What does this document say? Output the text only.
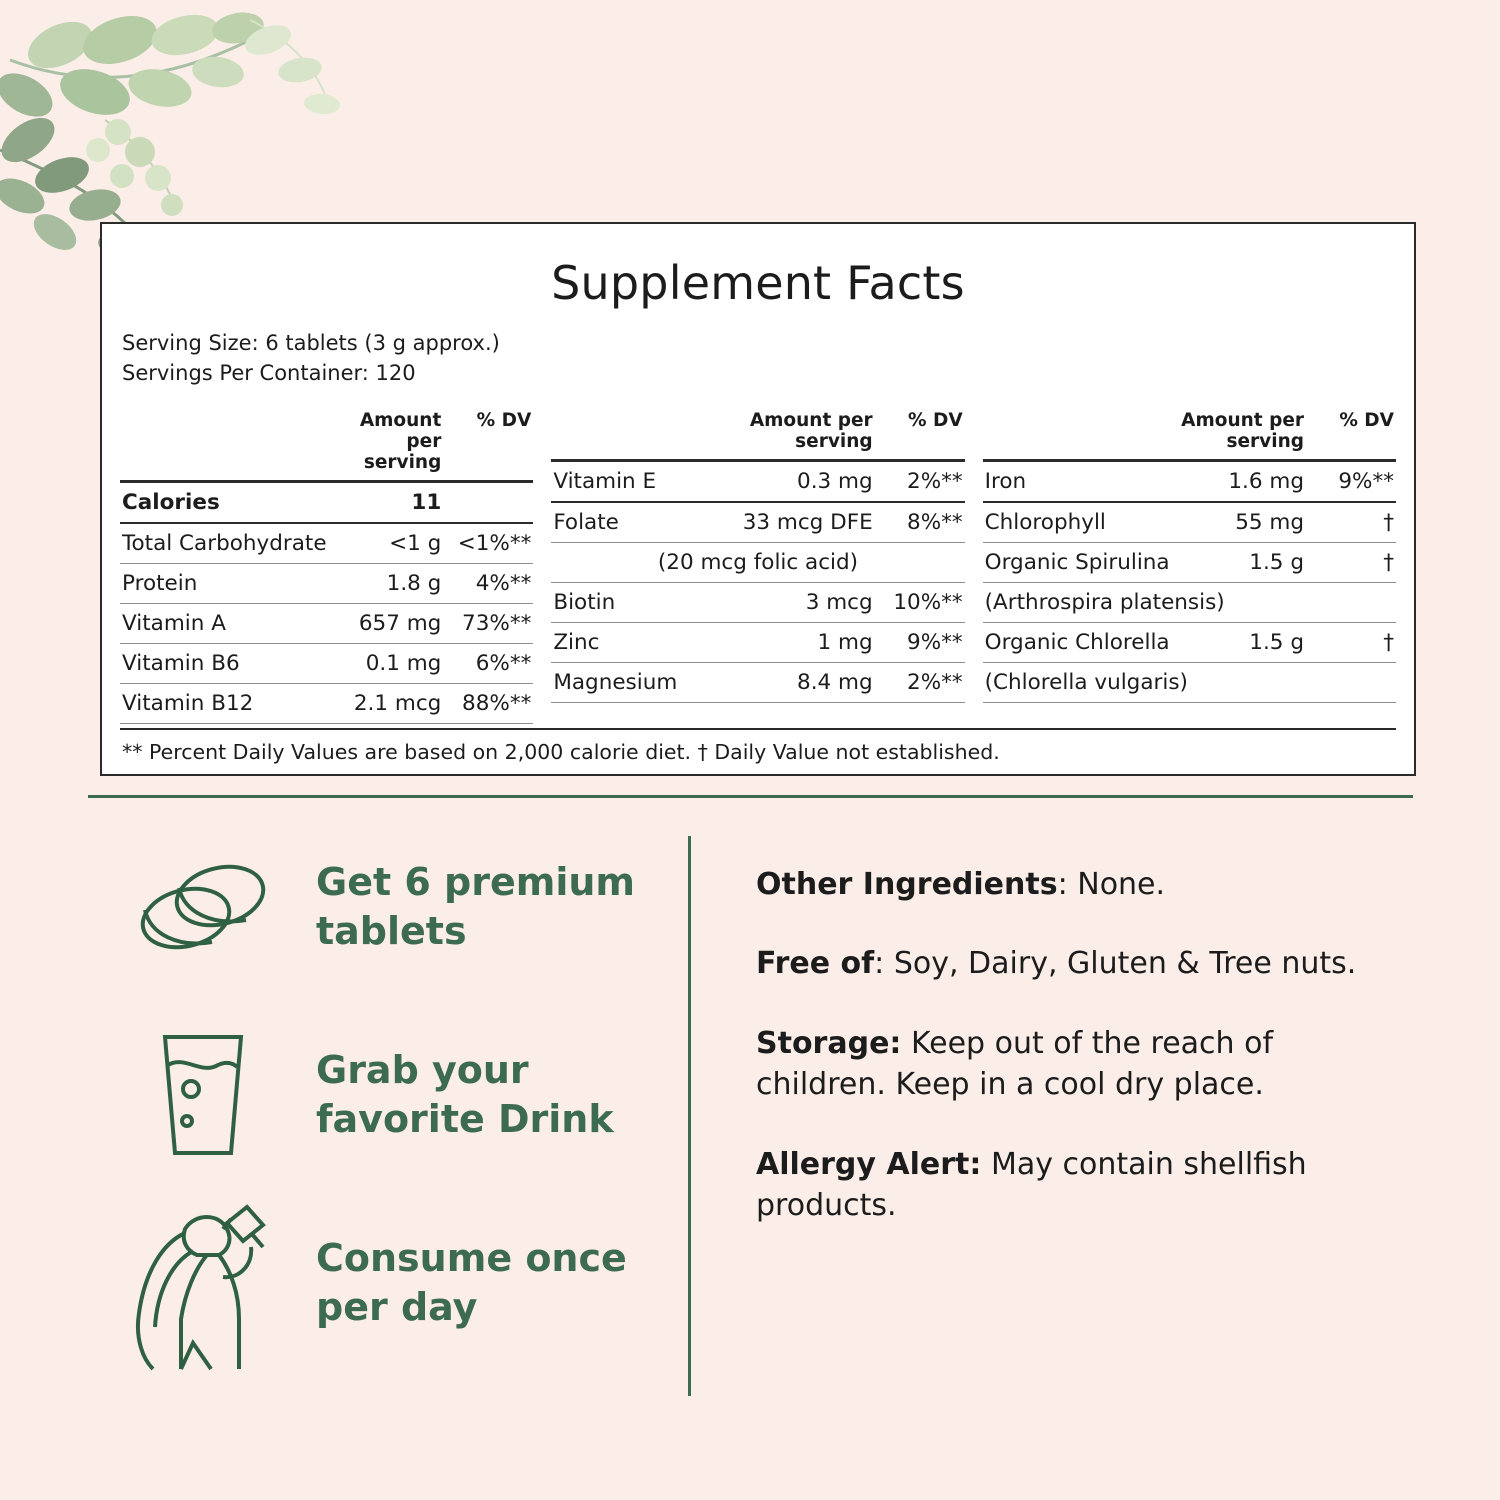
Supplement Facts
Serving Size: 6 tablets (3 g approx.)
Servings Per Container: 120
	Amount per serving	% DV
Calories	11	
Total Carbohydrate	<1 g	<1%**
Protein	1.8 g	4%**
Vitamin A	657 mg	73%**
Vitamin B6	0.1 mg	6%**
Vitamin B12	2.1 mcg	88%**
	Amount per serving	% DV
Vitamin E	0.3 mg	2%**
Folate	33 mcg DFE	8%**
(20 mcg folic acid)		
Biotin	3 mcg	10%**
Zinc	1 mg	9%**
Magnesium	8.4 mg	2%**
	Amount per serving	% DV
Iron	1.6 mg	9%**
Chlorophyll	55 mg	†
Organic Spirulina	1.5 g	†
(Arthrospira platensis)		
Organic Chlorella	1.5 g	†
(Chlorella vulgaris)		
** Percent Daily Values are based on 2,000 calorie diet. † Daily Value not established.
Get 6 premium tablets
Grab your favorite Drink
Consume once per day

Other Ingredients: None.

Free of: Soy, Dairy, Gluten & Tree nuts.

Storage: Keep out of the reach of children. Keep in a cool dry place.

Allergy Alert: May contain shellfish products.
